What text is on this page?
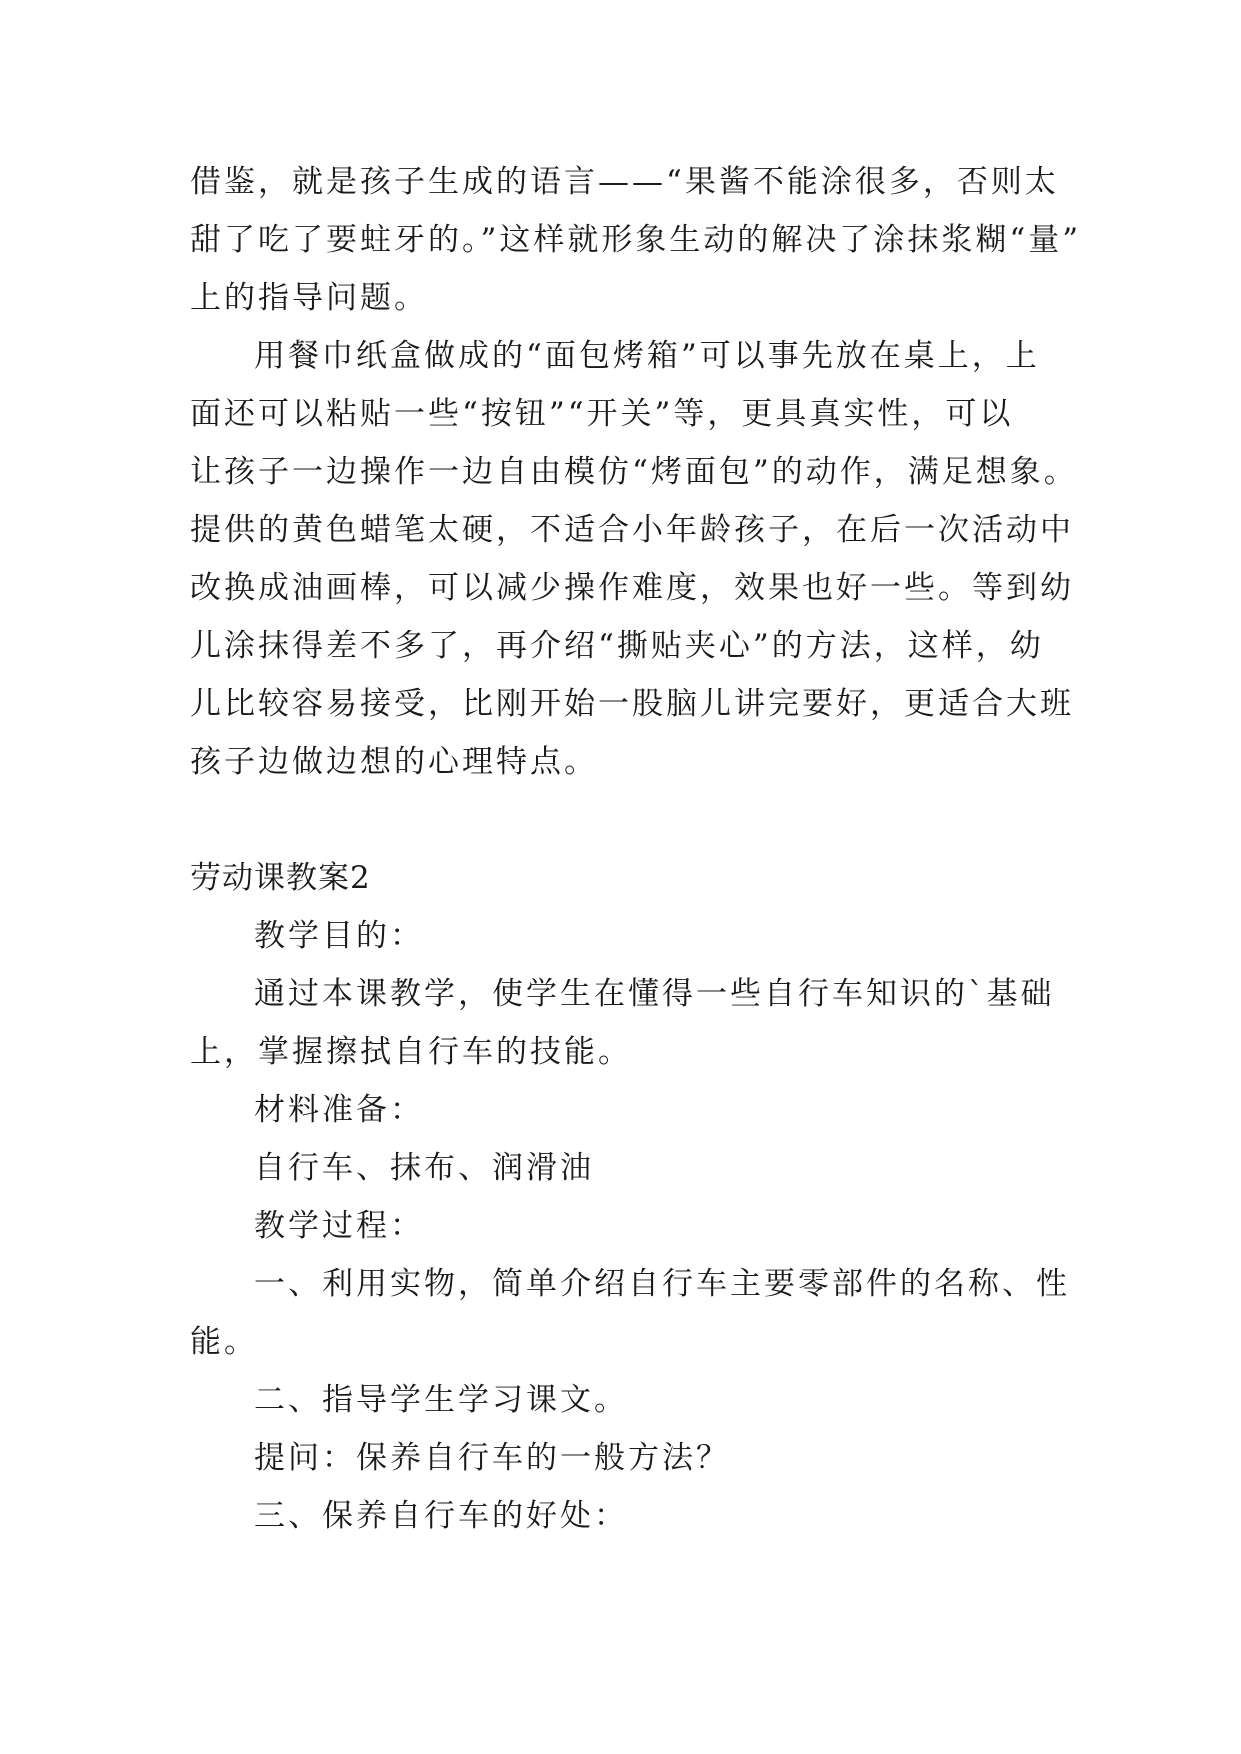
借鉴，就是孩子生成的语言——“果酱不能涂很多，否则太
甜了吃了要蛀牙的。”这样就形象生动的解决了涂抹浆糊“量”
上的指导问题。
用餐巾纸盒做成的“面包烤箱”可以事先放在桌上，上
面还可以粘贴一些“按钮”“开关”等，更具真实性，可以
让孩子一边操作一边自由模仿“烤面包”的动作，满足想象。
提供的黄色蜡笔太硬，不适合小年龄孩子，在后一次活动中
改换成油画棒，可以减少操作难度，效果也好一些。等到幼
儿涂抹得差不多了，再介绍“撕贴夹心”的方法，这样，幼
儿比较容易接受，比刚开始一股脑儿讲完要好，更适合大班
孩子边做边想的心理特点。
劳动课教案2
教学目的：
通过本课教学，使学生在懂得一些自行车知识的`基础
上，掌握擦拭自行车的技能。
材料准备：
自行车、抹布、润滑油
教学过程：
一、利用实物，简单介绍自行车主要零部件的名称、性
能。
二、指导学生学习课文。
提问：保养自行车的一般方法？
三、保养自行车的好处：
